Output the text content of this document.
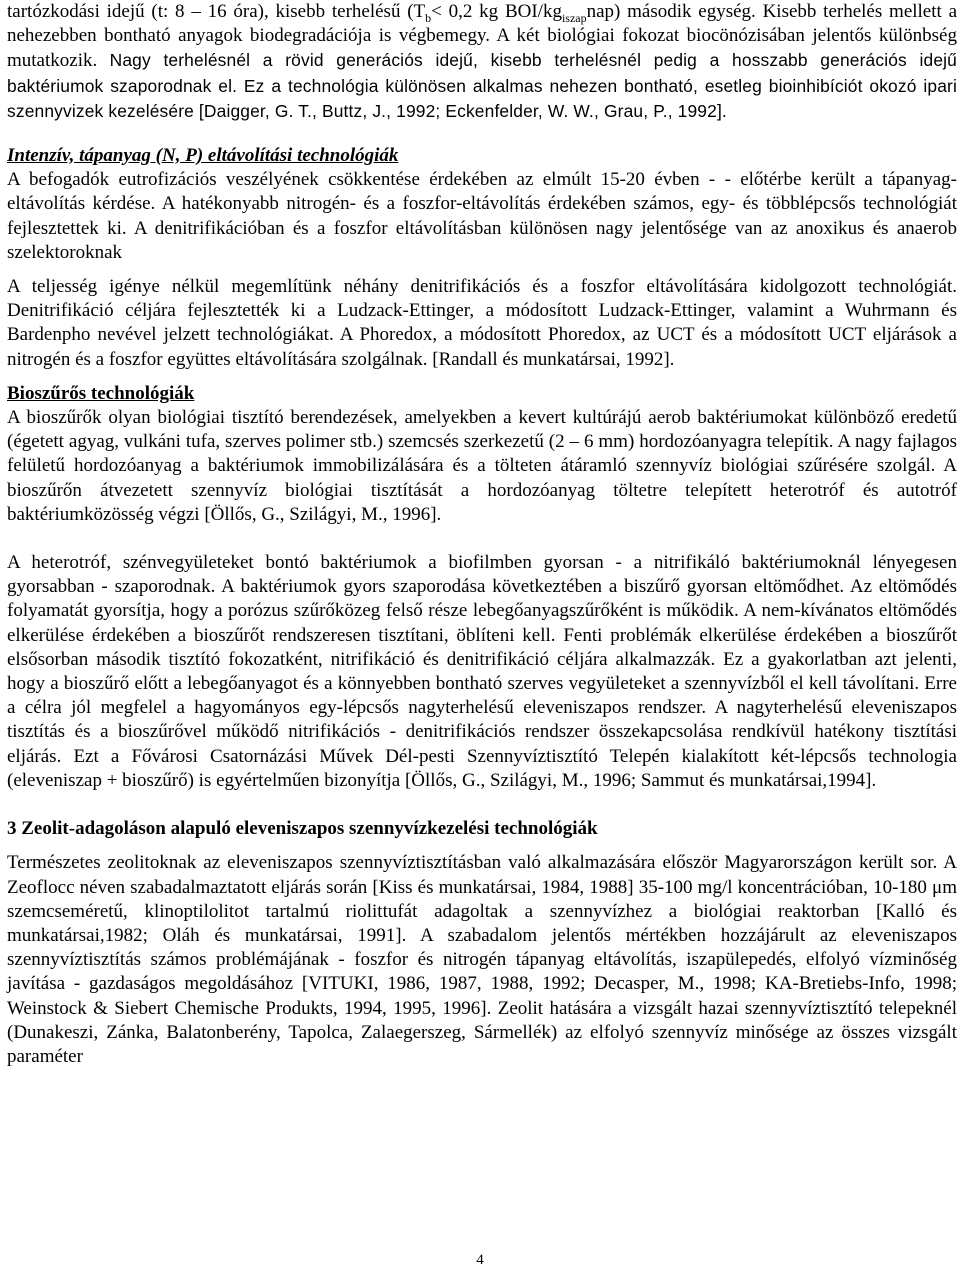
tartózkodási idejű (t: 8 – 16 óra), kisebb terhelésű ($T_b< 0,2$ kg BOI/$kg_{iszap}nap$) második egység. Kisebb terhelés mellett a nehezebben bontható anyagok biodegradációja is végbemegy. A két biológiai fokozat biocönózisában jelentős különbség mutatkozik. Nagy terhelésnél a rövid generációs idejű, kisebb terhelésnél pedig a hosszabb generációs idejű baktériumok szaporodnak el. Ez a technológia különösen alkalmas nehezen bontható, esetleg bioinhibíciót okozó ipari szennyvizek kezelésére [Daigger, G. T., Buttz, J., 1992; Eckenfelder, W. W., Grau, P., 1992].

Intenzív, tápanyag (N, P) eltávolítási technológiák

A befogadók eutrofizációs veszélyének csökkentése érdekében az elmúlt 15-20 évben - - előtérbe került a tápanyag-eltávolítás kérdése. A hatékonyabb nitrogén- és a foszfor-eltávolítás érdekében számos, egy- és többlépcsős technológiát fejlesztettek ki. A denitrifikációban és a foszfor eltávolításban különösen nagy jelentősége van az anoxikus és anaerob szelektoroknak

A teljesség igénye nélkül megemlítünk néhány denitrifikációs és a foszfor eltávolítására kidolgozott technológiát. Denitrifikáció céljára fejlesztették ki a Ludzack-Ettinger, a módosított Ludzack-Ettinger, valamint a Wuhrmann és Bardenpho nevével jelzett technológiákat. A Phoredox, a módosított Phoredox, az UCT és a módosított UCT eljárások a nitrogén és a foszfor együttes eltávolítására szolgálnak. [Randall és munkatársai, 1992].

Bioszűrős technológiák

A bioszűrők olyan biológiai tisztító berendezések, amelyekben a kevert kultúrájú aerob baktériumokat különböző eredetű (égetett agyag, vulkáni tufa, szerves polimer stb.) szemcsés szerkezetű (2 – 6 mm) hordozóanyagra telepítik. A nagy fajlagos felületű hordozóanyag a baktériumok immobilizálására és a tölteten átáramló szennyvíz biológiai szűrésére szolgál. A bioszűrőn átvezetett szennyvíz biológiai tisztítását a hordozóanyag töltetre telepített heterotróf és autotróf baktériumközösség végzi [Öllős, G., Szilágyi, M., 1996].

A heterotróf, szénvegyületeket bontó baktériumok a biofilmben gyorsan - a nitrifikáló baktériumoknál lényegesen gyorsabban - szaporodnak. A baktériumok gyors szaporodása következtében a biszűrő gyorsan eltömődhet. Az eltömődés folyamatát gyorsítja, hogy a porózus szűrőközeg felső része lebegőanyagszűrőként is működik. A nem-kívánatos eltömődés elkerülése érdekében a bioszűrőt rendszeresen tisztítani, öblíteni kell. Fenti problémák elkerülése érdekében a bioszűrőt elsősorban második tisztító fokozatként, nitrifikáció és denitrifikáció céljára alkalmazzák. Ez a gyakorlatban azt jelenti, hogy a bioszűrő előtt a lebegőanyagot és a könnyebben bontható szerves vegyületeket a szennyvízből el kell távolítani. Erre a célra jól megfelel a hagyományos egy-lépcsős nagyterhelésű eleveniszapos rendszer. A nagyterhelésű eleveniszapos tisztítás és a bioszűrővel működő nitrifikációs - denitrifikációs rendszer összekapcsolása rendkívül hatékony tisztítási eljárás. Ezt a Fővárosi Csatornázási Művek Dél-pesti Szennyvíztisztító Telepén kialakított két-lépcsős technologia (eleveniszap + bioszűrő) is egyértelműen bizonyítja [Öllős, G., Szilágyi, M., 1996; Sammut és munkatársai,1994].

3 Zeolit-adagoláson alapuló eleveniszapos szennyvízkezelési technológiák

Természetes zeolitoknak az eleveniszapos szennyvíztisztításban való alkalmazására először Magyarországon került sor. A Zeoflocc néven szabadalmaztatott eljárás során [Kiss és munkatársai, 1984, 1988] 35-100 mg/l koncentrációban, 10-180 μm szemcseméretű, klinoptilolitot tartalmú riolittufát adagoltak a szennyvízhez a biológiai reaktorban [Kalló és munkatársai,1982; Oláh és munkatársai, 1991]. A szabadalom jelentős mértékben hozzájárult az eleveniszapos szennyvíztisztítás számos problémájának - foszfor és nitrogén tápanyag eltávolítás, iszapülepedés, elfolyó vízminőség javítása - gazdaságos megoldásához [VITUKI, 1986, 1987, 1988, 1992; Decasper, M., 1998; KA-Bretiebs-Info, 1998; Weinstock & Siebert Chemische Produkts, 1994, 1995, 1996]. Zeolit hatására a vizsgált hazai szennyvíztisztító telepeknél (Dunakeszi, Zánka, Balatonberény, Tapolca, Zalaegerszeg, Sármellék) az elfolyó szennyvíz minősége az összes vizsgált paraméter

4
